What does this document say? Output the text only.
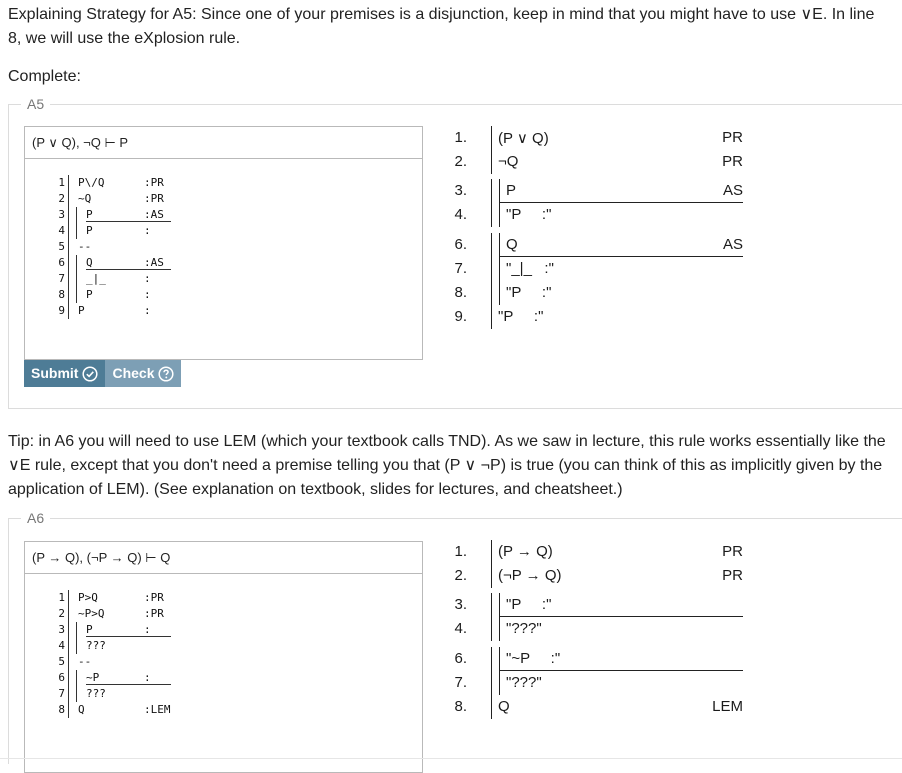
Explaining Strategy for A5: Since one of your premises is a disjunction, keep in mind that you might have to use ∨E. In line 8, we will use the eXplosion rule.
Complete:
A5
(P ∨ Q), ¬Q ⊢ P
1 P\/Q	:PR
2 ~Q	:PR
3 P	:AS
4 P	:
5 --
6 Q	:AS
7 _|_	:
8 P	:
9 P	:
Submit Check
1. (P ∨ Q)	PR
2. ¬Q	PR
3.	P	AS
4.	"P     :"
6.	Q	AS
7.	"_|_   :"
8.	"P     :"
9. "P     :"
Tip: in A6 you will need to use LEM (which your textbook calls TND). As we saw in lecture, this rule works essentially like the ∨E rule, except that you don't need a premise telling you that (P ∨ ¬P) is true (you can think of this as implicitly given by the application of LEM). (See explanation on textbook, slides for lectures, and cheatsheet.)
A6
(P → Q), (¬P → Q) ⊢ Q
1 P>Q	:PR
2 ~P>Q	:PR
3 P	:
4 ???
5 --
6 ~P	:
7 ???
8 Q	:LEM
1. (P → Q)	PR
2. (¬P → Q)	PR
3.	"P     :"
4.	"???"
6.	"~P     :"
7.	"???"
8. Q	LEM
